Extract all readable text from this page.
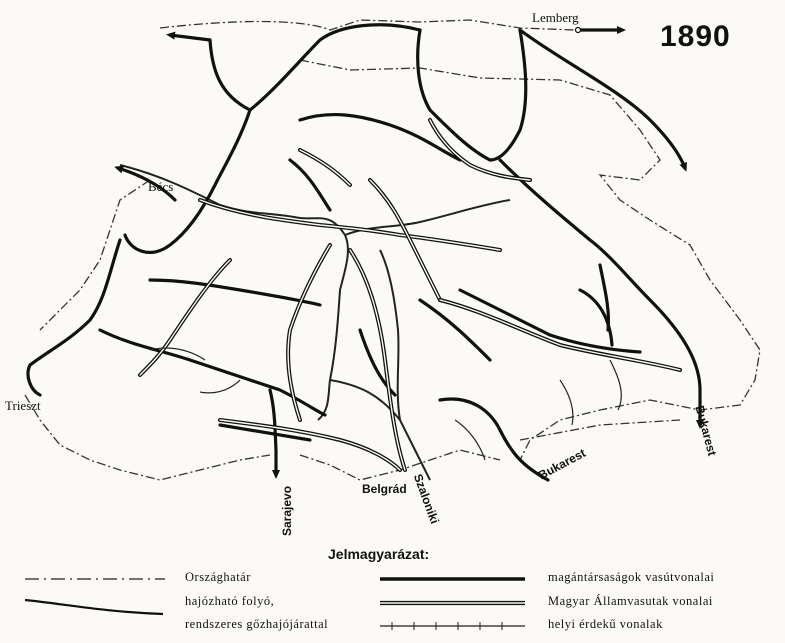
1890
Lemberg
Bécs
Trieszt
Sarajevo	Belgrád Szaloniki
Bukarest
Bukarest
Jelmagyarázat:
Országhatár
hajózható folyó,
rendszeres gőzhajójárattal
magántársaságok vasútvonalai
Magyar Államvasutak vonalai
helyi érdekű vonalak
